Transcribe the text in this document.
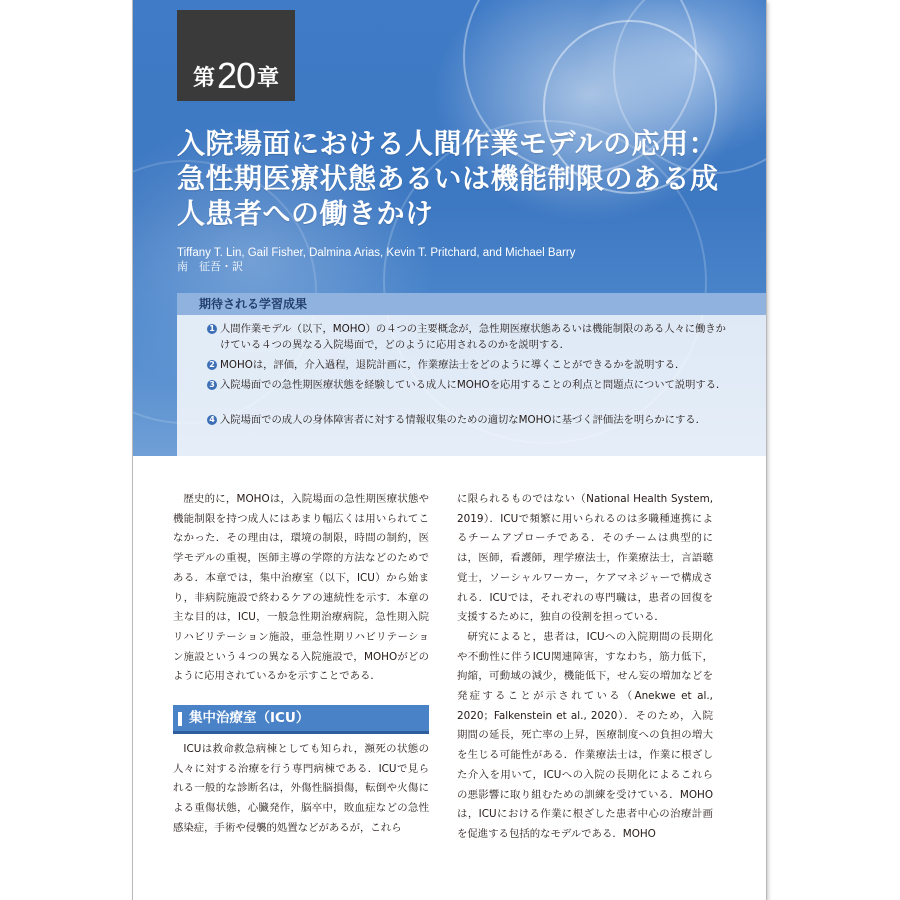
第 20 章
入院場面における人間作業モデルの応用：急性期医療状態あるいは機能制限のある成人患者への働きかけ
Tiffany T. Lin, Gail Fisher, Dalmina Arias, Kevin T. Pritchard, and Michael Barry
南　征吾・訳
期待される学習成果
1 人間作業モデル（以下，MOHO）の４つの主要概念が，急性期医療状態あるいは機能制限のある人々に働きかけている４つの異なる入院場面で，どのように応用されるのかを説明する．
2 MOHOは，評価，介入過程，退院計画に，作業療法士をどのように導くことができるかを説明する．
3 入院場面での急性期医療状態を経験している成人にMOHOを応用することの利点と問題点について説明する．
4 入院場面での成人の身体障害者に対する情報収集のための適切なMOHOに基づく評価法を明らかにする．

歴史的に，MOHOは，入院場面の急性期医療状態や機能制限を持つ成人にはあまり幅広くは用いられてこなかった．その理由は，環境の制限，時間の制約，医学モデルの重視，医師主導の学際的方法などのためである．本章では，集中治療室（以下，ICU）から始まり，非病院施設で終わるケアの連続性を示す．本章の主な目的は，ICU，一般急性期治療病院，急性期入院リハビリテーション施設，亜急性期リハビリテーション施設という４つの異なる入院施設で，MOHOがどのように応用されているかを示すことである．

集中治療室（ICU）

ICUは救命救急病棟としても知られ，瀕死の状態の人々に対する治療を行う専門病棟である．ICUで見られる一般的な診断名は，外傷性脳損傷，転倒や火傷による重傷状態，心臓発作，脳卒中，敗血症などの急性感染症，手術や侵襲的処置などがあるが，これら

に限られるものではない（National Health System, 2019）．ICUで頻繁に用いられるのは多職種連携によるチームアプローチである．そのチームは典型的には，医師，看護師，理学療法士，作業療法士，言語聴覚士，ソーシャルワーカー，ケアマネジャーで構成される．ICUでは，それぞれの専門職は，患者の回復を支援するために，独自の役割を担っている．

研究によると，患者は，ICUへの入院期間の長期化や不動性に伴うICU関連障害，すなわち，筋力低下，拘縮，可動域の減少，機能低下，せん妄の増加などを発症することが示されている（Anekwe et al., 2020；Falkenstein et al., 2020）．そのため，入院期間の延長，死亡率の上昇，医療制度への負担の増大を生じる可能性がある．作業療法士は，作業に根ざした介入を用いて，ICUへの入院の長期化によるこれらの悪影響に取り組むための訓練を受けている．MOHOは，ICUにおける作業に根ざした患者中心の治療計画を促進する包括的なモデルである．MOHO
